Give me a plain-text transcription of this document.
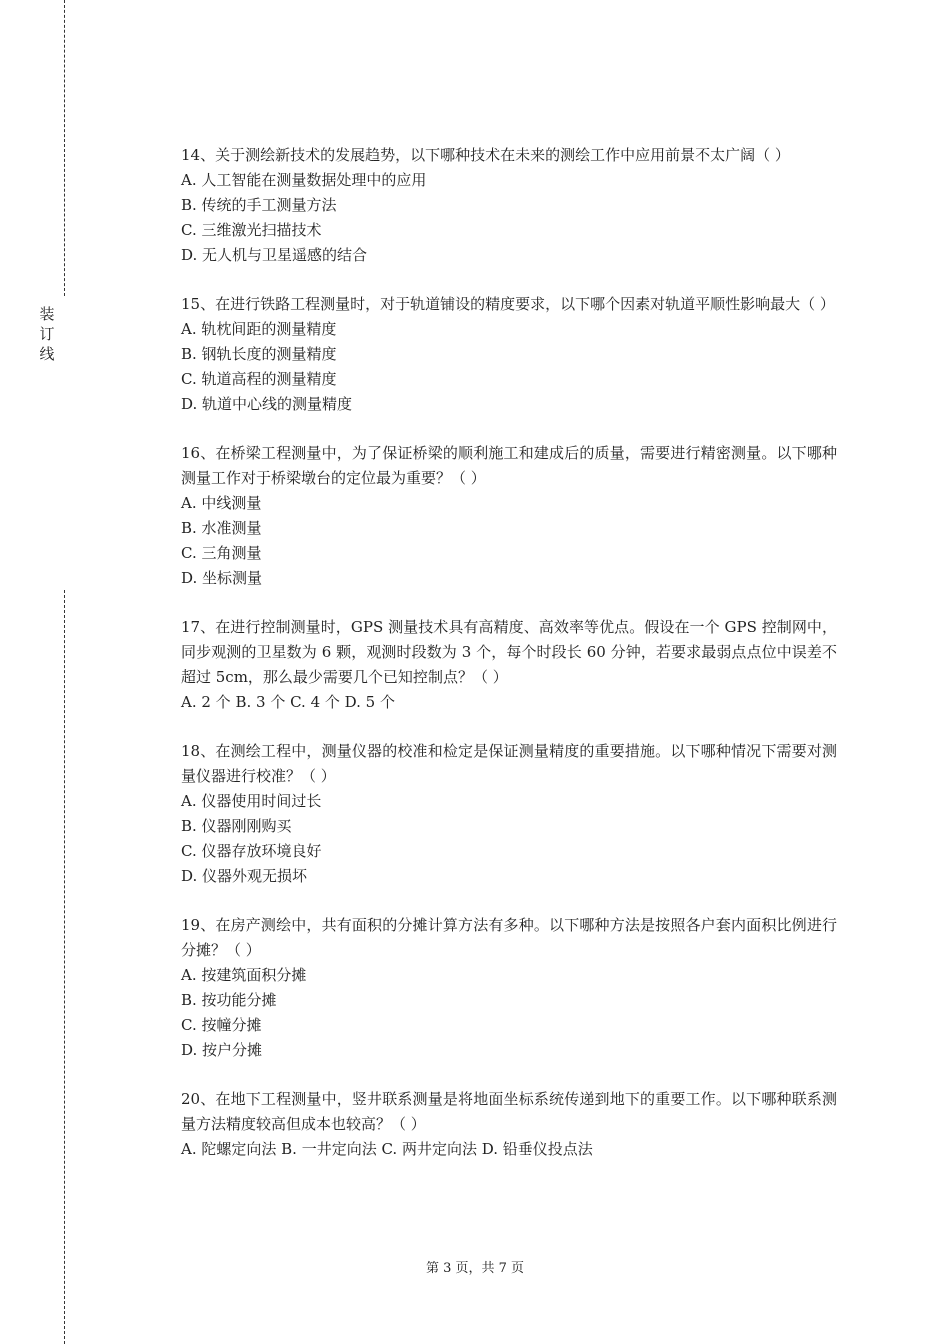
装
订
线
14、关于测绘新技术的发展趋势，以下哪种技术在未来的测绘工作中应用前景不太广阔（ ）
A. 人工智能在测量数据处理中的应用
B. 传统的手工测量方法
C. 三维激光扫描技术
D. 无人机与卫星遥感的结合
15、在进行铁路工程测量时，对于轨道铺设的精度要求，以下哪个因素对轨道平顺性影响最大（ ）
A. 轨枕间距的测量精度
B. 钢轨长度的测量精度
C. 轨道高程的测量精度
D. 轨道中心线的测量精度
16、在桥梁工程测量中，为了保证桥梁的顺利施工和建成后的质量，需要进行精密测量。以下哪种测量工作对于桥梁墩台的定位最为重要？（ ）
A. 中线测量
B. 水准测量
C. 三角测量
D. 坐标测量
17、在进行控制测量时，GPS 测量技术具有高精度、高效率等优点。假设在一个 GPS 控制网中，同步观测的卫星数为 6 颗，观测时段数为 3 个，每个时段长 60 分钟，若要求最弱点点位中误差不超过 5cm，那么最少需要几个已知控制点？（ ）
A. 2 个 B. 3 个 C. 4 个 D. 5 个
18、在测绘工程中，测量仪器的校准和检定是保证测量精度的重要措施。以下哪种情况下需要对测量仪器进行校准？（ ）
A. 仪器使用时间过长
B. 仪器刚刚购买
C. 仪器存放环境良好
D. 仪器外观无损坏
19、在房产测绘中，共有面积的分摊计算方法有多种。以下哪种方法是按照各户套内面积比例进行分摊？（ ）
A. 按建筑面积分摊
B. 按功能分摊
C. 按幢分摊
D. 按户分摊
20、在地下工程测量中，竖井联系测量是将地面坐标系统传递到地下的重要工作。以下哪种联系测量方法精度较高但成本也较高？（ ）
A. 陀螺定向法 B. 一井定向法 C. 两井定向法 D. 铅垂仪投点法
第 3 页，共 7 页
